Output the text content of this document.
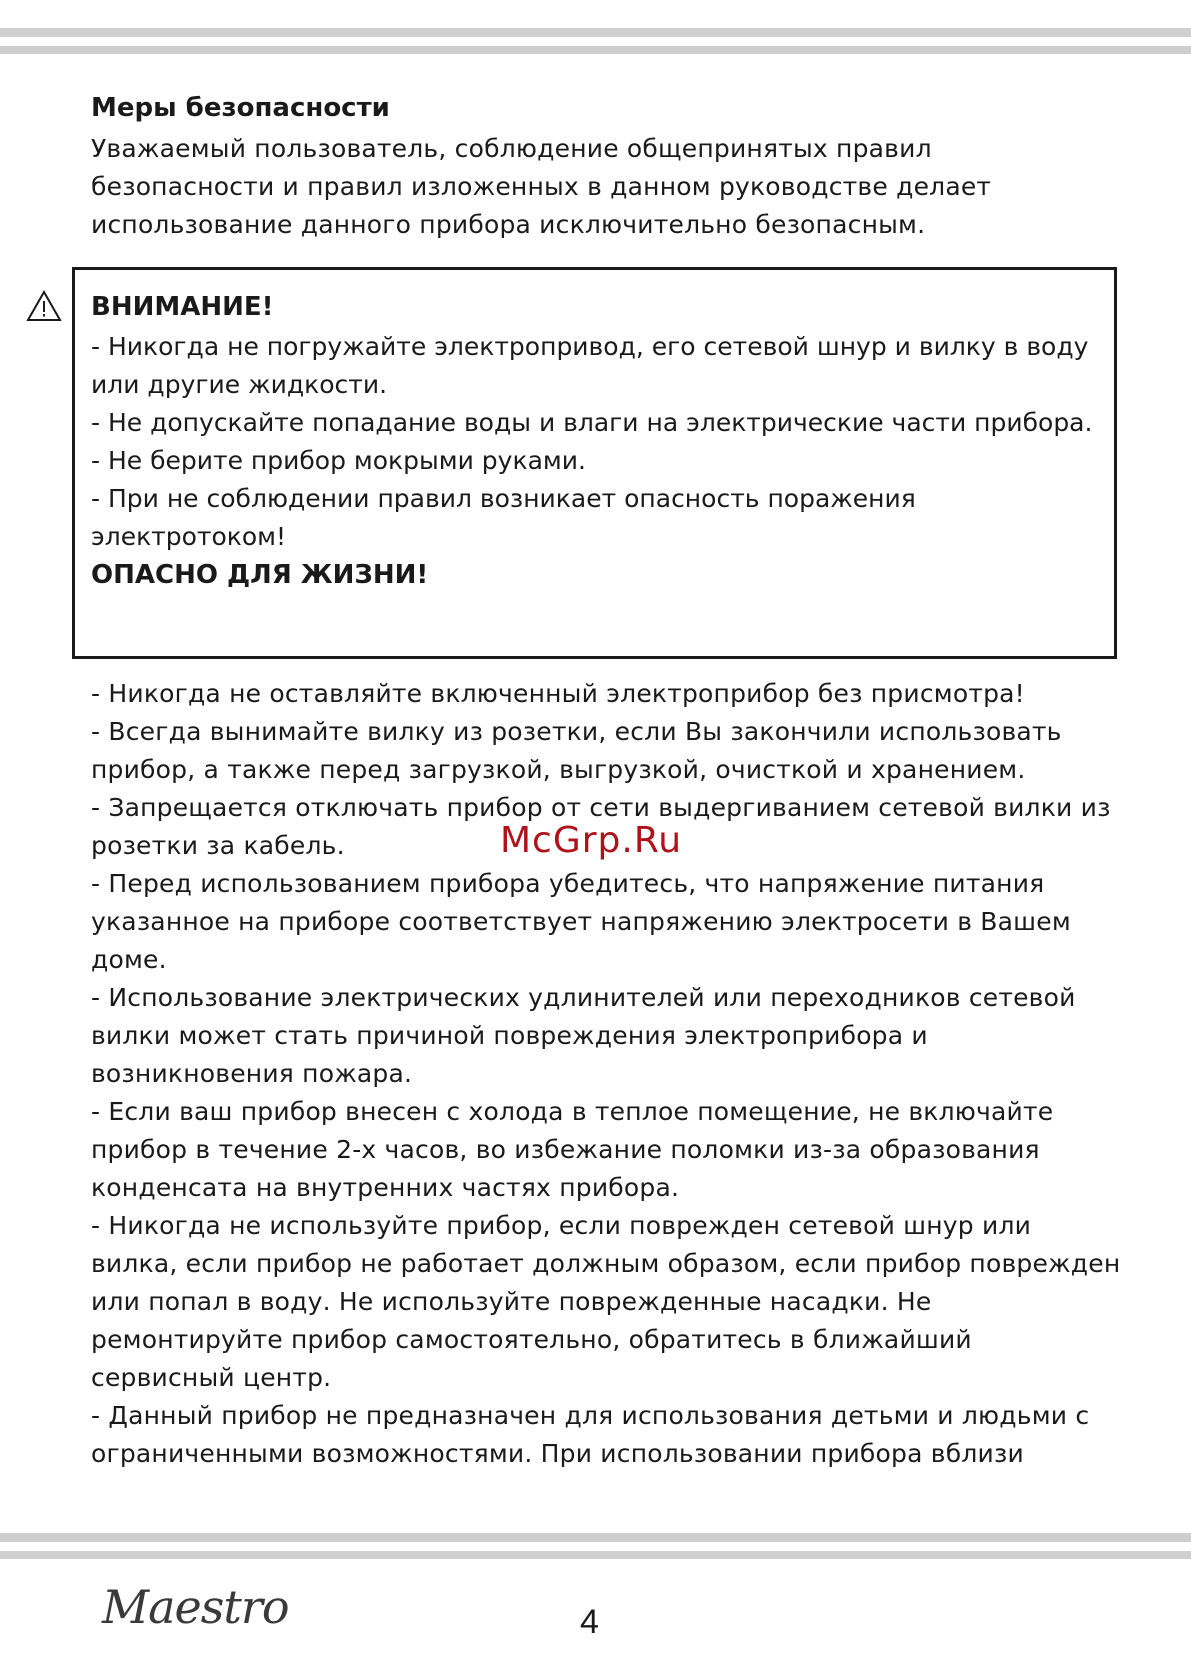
Меры безопасности
Уважаемый пользователь, соблюдение общепринятых правил безопасности и правил изложенных в данном руководстве делает использование данного прибора исключительно безопасным.
ВНИМАНИЕ!

- Никогда не погружайте электропривод, его сетевой шнур и вилку в воду или другие жидкости.

- Не допускайте попадание воды и влаги на электрические части прибора.

- Не берите прибор мокрыми руками.

- При не соблюдении правил возникает опасность поражения электротоком!

ОПАСНО ДЛЯ ЖИЗНИ!

- Никогда не оставляйте включенный электроприбор без присмотра!

- Всегда вынимайте вилку из розетки, если Вы закончили использовать прибор, а также перед загрузкой, выгрузкой, очисткой и хранением.

- Запрещается отключать прибор от сети выдергиванием сетевой вилки из розетки за кабель.

- Перед использованием прибора убедитесь, что напряжение питания указанное на приборе соответствует напряжению электросети в Вашем доме.

- Использование электрических удлинителей или переходников сетевой вилки может стать причиной повреждения электроприбора и возникновения пожара.

- Если ваш прибор внесен с холода в теплое помещение, не включайте прибор в течение 2-х часов, во избежание поломки из-за образования конденсата на внутренних частях прибора.

- Никогда не используйте прибор, если поврежден сетевой шнур или вилка, если прибор не работает должным образом, если прибор поврежден или попал в воду. Не используйте поврежденные насадки. Не ремонтируйте прибор самостоятельно, обратитесь в ближайший сервисный центр.

- Данный прибор не предназначен для использования детьми и людьми с ограниченными возможностями. При использовании прибора вблизи

McGrp.Ru
Maestro	4
